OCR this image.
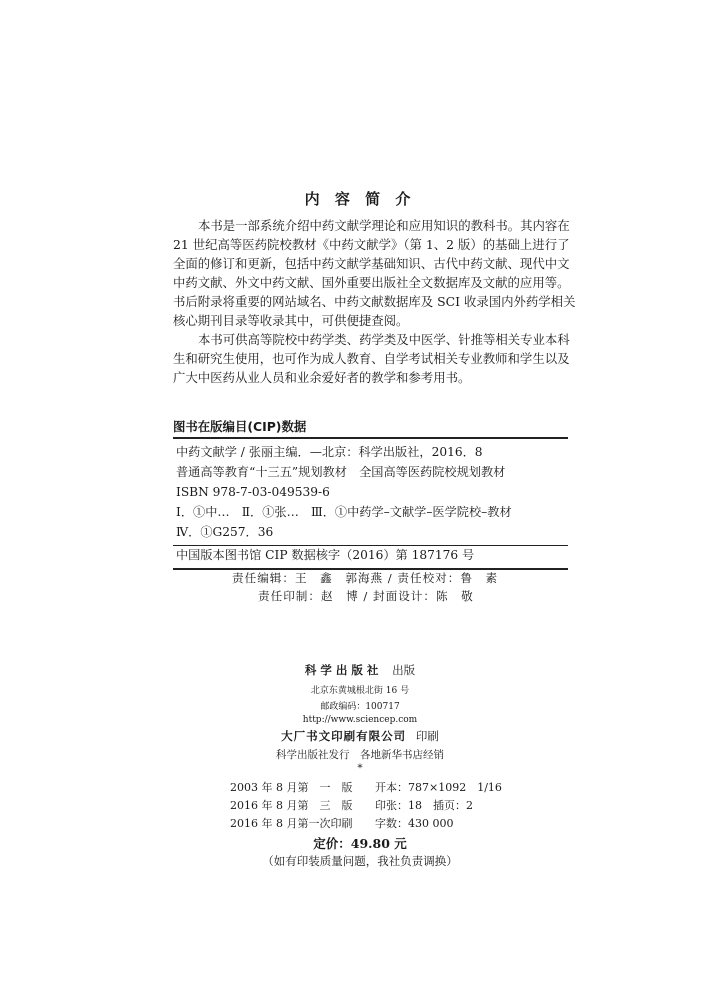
内 容 简 介
本书是一部系统介绍中药文献学理论和应用知识的教科书。其内容在
21 世纪高等医药院校教材《中药文献学》（第 1、2 版）的基础上进行了
全面的修订和更新，包括中药文献学基础知识、古代中药文献、现代中文
中药文献、外文中药文献、国外重要出版社全文数据库及文献的应用等。
书后附录将重要的网站域名、中药文献数据库及 SCI 收录国内外药学相关
核心期刊目录等收录其中，可供便捷查阅。
本书可供高等院校中药学类、药学类及中医学、针推等相关专业本科
生和研究生使用，也可作为成人教育、自学考试相关专业教师和学生以及
广大中医药从业人员和业余爱好者的教学和参考用书。
图书在版编目(CIP)数据
中药文献学 / 张丽主编．—北京：科学出版社，2016．8
普通高等教育“十三五”规划教材　全国高等医药院校规划教材
ISBN 978-7-03-049539-6
Ⅰ．①中…　Ⅱ．①张…　Ⅲ．①中药学–文献学–医学院校–教材
Ⅳ．①G257．36
中国版本图书馆 CIP 数据核字（2016）第 187176 号
责任编辑：王　鑫　郭海燕 / 责任校对：鲁　素
责任印制：赵　博 / 封面设计：陈　敬
科学出版社 出版
北京东黄城根北街 16 号
邮政编码：100717
http://www.sciencep.com
大厂书文印刷有限公司 印刷
科学出版社发行　各地新华书店经销
*
2003 年 8 月第　一　版 开本：787×1092　1/16
2016 年 8 月第　三　版 印张：18　插页：2
2016 年 8 月第一次印刷 字数：430 000
定价：49.80 元
（如有印装质量问题，我社负责调换）
